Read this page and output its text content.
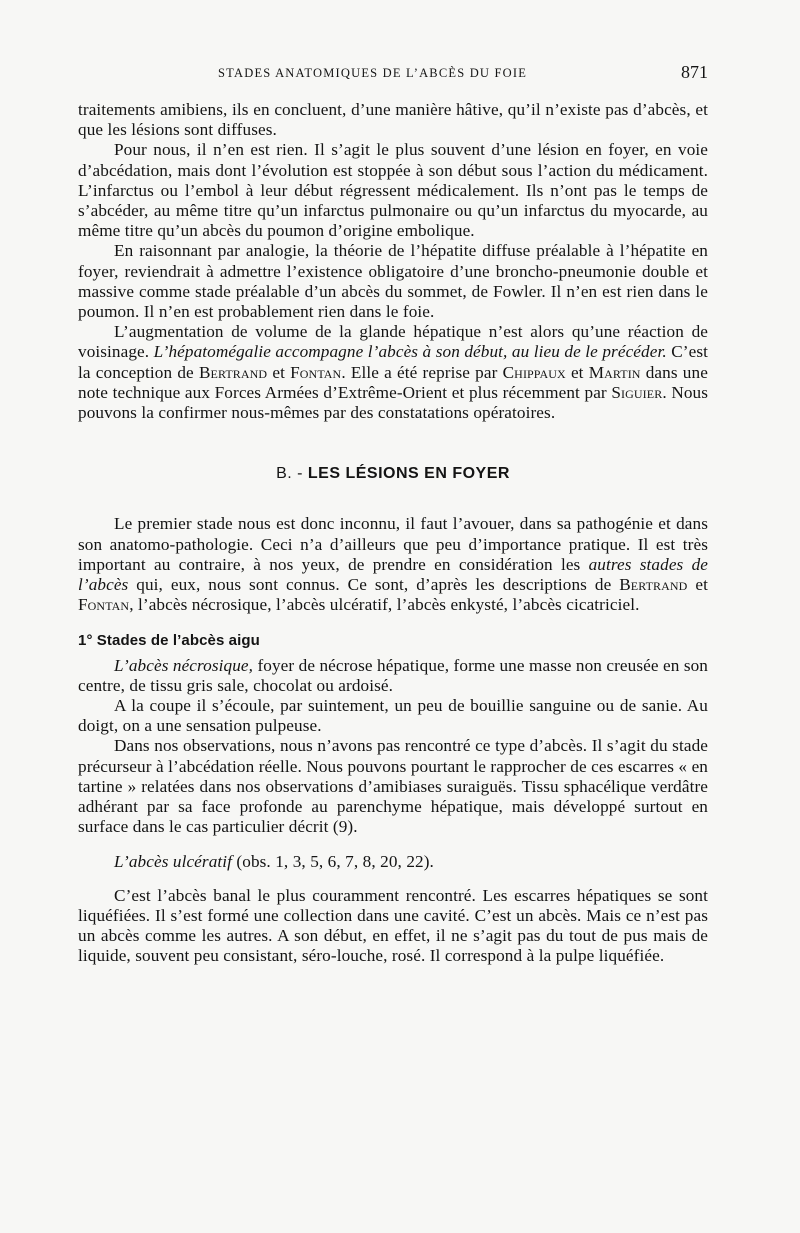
STADES ANATOMIQUES DE L’ABCÈS DU FOIE	871

traitements amibiens, ils en concluent, d’une manière hâtive, qu’il n’existe pas d’abcès, et que les lésions sont diffuses.

Pour nous, il n’en est rien. Il s’agit le plus souvent d’une lésion en foyer, en voie d’abcédation, mais dont l’évolution est stoppée à son début sous l’action du médicament. L’infarctus ou l’embol à leur début régressent médicalement. Ils n’ont pas le temps de s’abcéder, au même titre qu’un infarctus pulmonaire ou qu’un infarctus du myocarde, au même titre qu’un abcès du poumon d’origine embolique.

En raisonnant par analogie, la théorie de l’hépatite diffuse préalable à l’hépatite en foyer, reviendrait à admettre l’existence obligatoire d’une broncho-pneumonie double et massive comme stade préalable d’un abcès du sommet, de Fowler. Il n’en est rien dans le poumon. Il n’en est probablement rien dans le foie.

L’augmentation de volume de la glande hépatique n’est alors qu’une réaction de voisinage. L’hépatomégalie accompagne l’abcès à son début, au lieu de le précéder. C’est la conception de Bertrand et Fontan. Elle a été reprise par Chippaux et Martin dans une note technique aux Forces Armées d’Extrême-Orient et plus récemment par Siguier. Nous pouvons la confirmer nous-mêmes par des constatations opératoires.

B. - LES LÉSIONS EN FOYER

Le premier stade nous est donc inconnu, il faut l’avouer, dans sa pathogénie et dans son anatomo-pathologie. Ceci n’a d’ailleurs que peu d’importance pratique. Il est très important au contraire, à nos yeux, de prendre en considération les autres stades de l’abcès qui, eux, nous sont connus. Ce sont, d’après les descriptions de Bertrand et Fontan, l’abcès nécrosique, l’abcès ulcératif, l’abcès enkysté, l’abcès cicatriciel.

1° Stades de l’abcès aigu

L’abcès nécrosique, foyer de nécrose hépatique, forme une masse non creusée en son centre, de tissu gris sale, chocolat ou ardoisé.

A la coupe il s’écoule, par suintement, un peu de bouillie sanguine ou de sanie. Au doigt, on a une sensation pulpeuse.

Dans nos observations, nous n’avons pas rencontré ce type d’abcès. Il s’agit du stade précurseur à l’abcédation réelle. Nous pouvons pourtant le rapprocher de ces escarres « en tartine » relatées dans nos observations d’amibiases suraiguës. Tissu sphacélique verdâtre adhérant par sa face profonde au parenchyme hépatique, mais développé surtout en surface dans le cas particulier décrit (9).

L’abcès ulcératif (obs. 1, 3, 5, 6, 7, 8, 20, 22).

C’est l’abcès banal le plus couramment rencontré. Les escarres hépatiques se sont liquéfiées. Il s’est formé une collection dans une cavité. C’est un abcès. Mais ce n’est pas un abcès comme les autres. A son début, en effet, il ne s’agit pas du tout de pus mais de liquide, souvent peu consistant, séro-louche, rosé. Il correspond à la pulpe liquéfiée.
